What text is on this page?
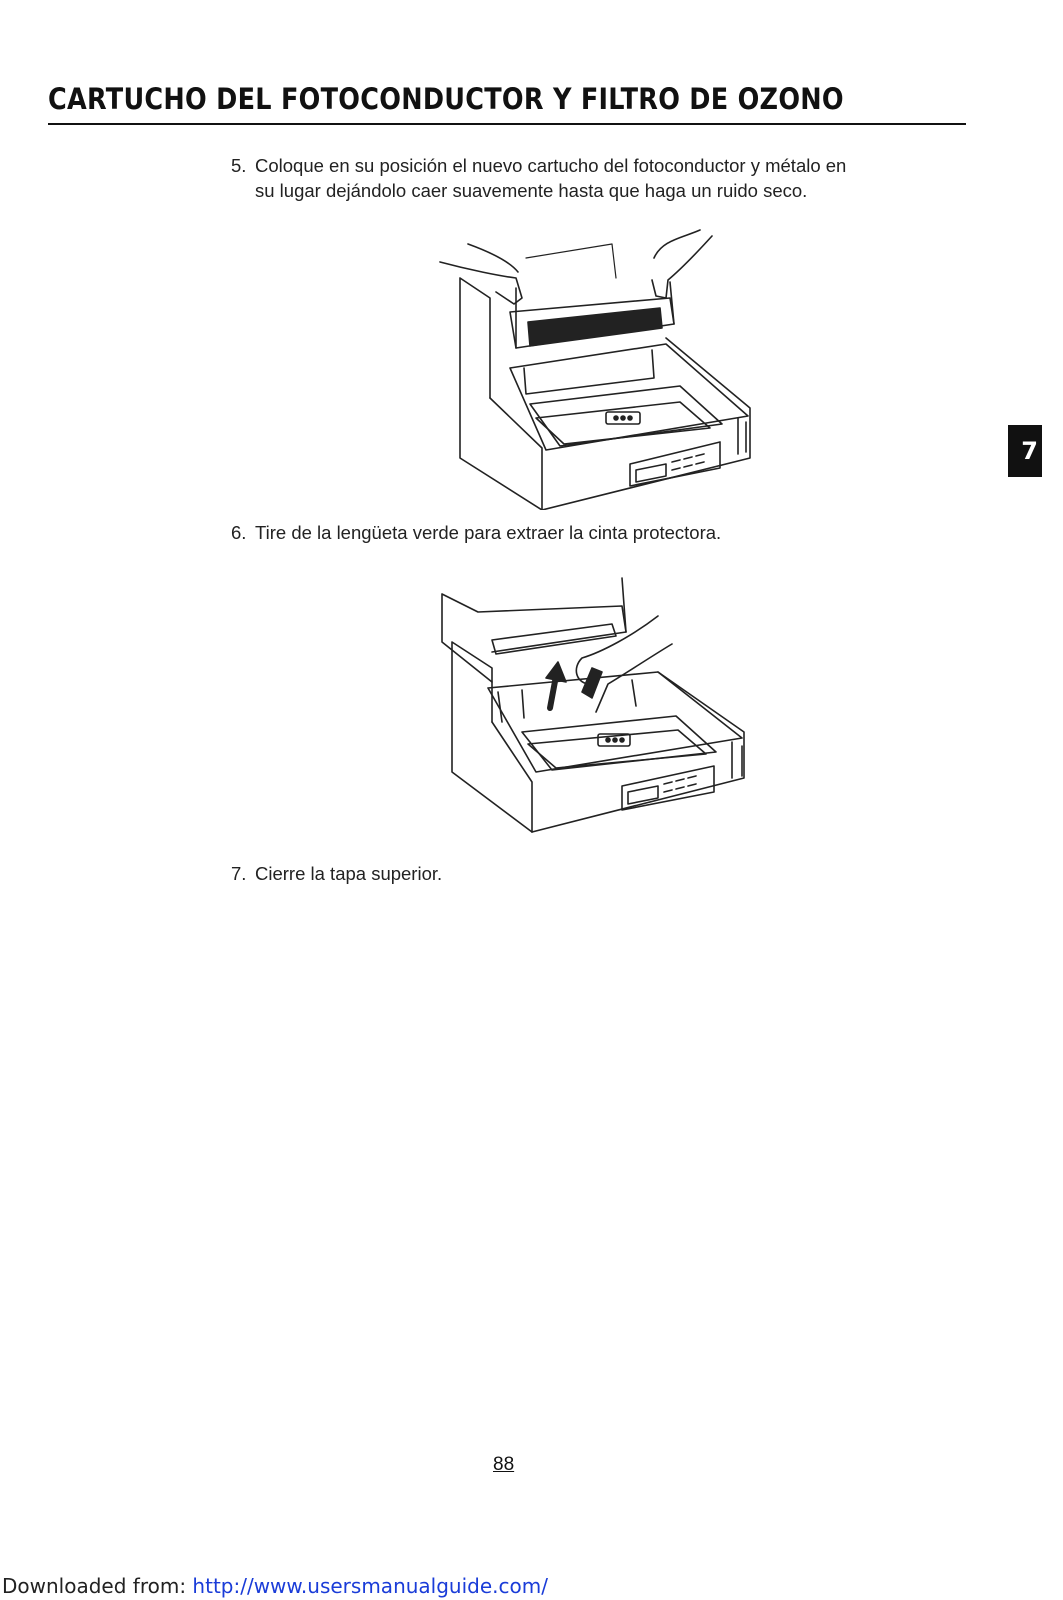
CARTUCHO DEL FOTOCONDUCTOR Y FILTRO DE OZONO

5. Coloque en su posición el nuevo cartucho del fotoconductor y métalo en
su lugar dejándolo caer suavemente hasta que haga un ruido seco.

6. Tire de la lengüeta verde para extraer la cinta protectora.

7. Cierre la tapa superior.

7
88
Downloaded from: http://www.usersmanualguide.com/
